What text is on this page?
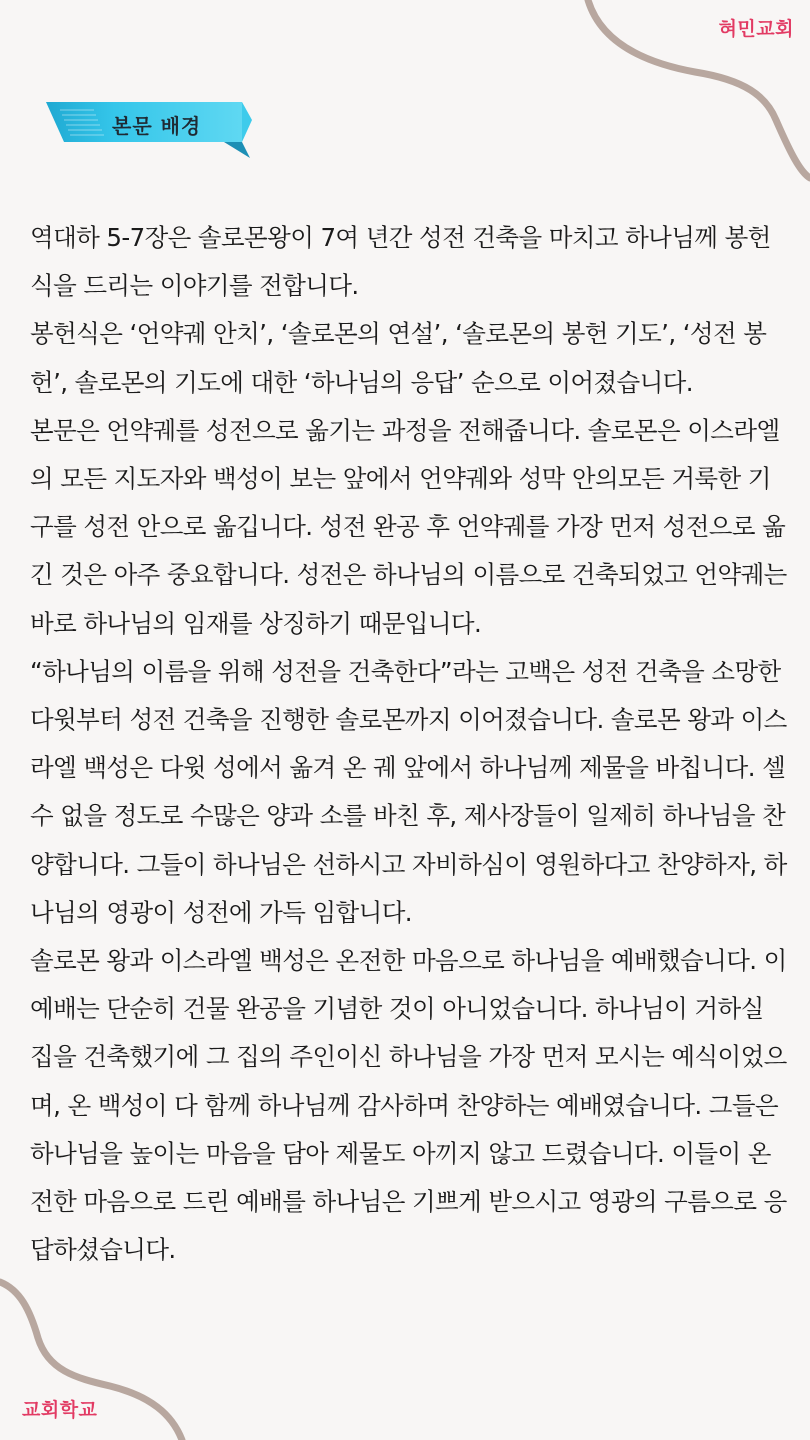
혀민교회
교회학교
본문 배경

역대하 5-7장은 솔로몬왕이 7여 년간 성전 건축을 마치고 하나님께 봉헌식을 드리는 이야기를 전합니다.

봉헌식은 ‘언약궤 안치’, ‘솔로몬의 연설’, ‘솔로몬의 봉헌 기도’, ‘성전 봉헌’, 솔로몬의 기도에 대한 ‘하나님의 응답’ 순으로 이어졌습니다.

본문은 언약궤를 성전으로 옮기는 과정을 전해줍니다. 솔로몬은 이스라엘의 모든 지도자와 백성이 보는 앞에서 언약궤와 성막 안의모든 거룩한 기구를 성전 안으로 옮깁니다. 성전 완공 후 언약궤를 가장 먼저 성전으로 옮긴 것은 아주 중요합니다. 성전은 하나님의 이름으로 건축되었고 언약궤는 바로 하나님의 임재를 상징하기 때문입니다.

“하나님의 이름을 위해 성전을 건축한다”라는 고백은 성전 건축을 소망한 다윗부터 성전 건축을 진행한 솔로몬까지 이어졌습니다. 솔로몬 왕과 이스라엘 백성은 다윗 성에서 옮겨 온 궤 앞에서 하나님께 제물을 바칩니다. 셀 수 없을 정도로 수많은 양과 소를 바친 후, 제사장들이 일제히 하나님을 찬양합니다. 그들이 하나님은 선하시고 자비하심이 영원하다고 찬양하자, 하나님의 영광이 성전에 가득 임합니다.

솔로몬 왕과 이스라엘 백성은 온전한 마음으로 하나님을 예배했습니다. 이 예배는 단순히 건물 완공을 기념한 것이 아니었습니다. 하나님이 거하실 집을 건축했기에 그 집의 주인이신 하나님을 가장 먼저 모시는 예식이었으며, 온 백성이 다 함께 하나님께 감사하며 찬양하는 예배였습니다. 그들은 하나님을 높이는 마음을 담아 제물도 아끼지 않고 드렸습니다. 이들이 온전한 마음으로 드린 예배를 하나님은 기쁘게 받으시고 영광의 구름으로 응답하셨습니다.
